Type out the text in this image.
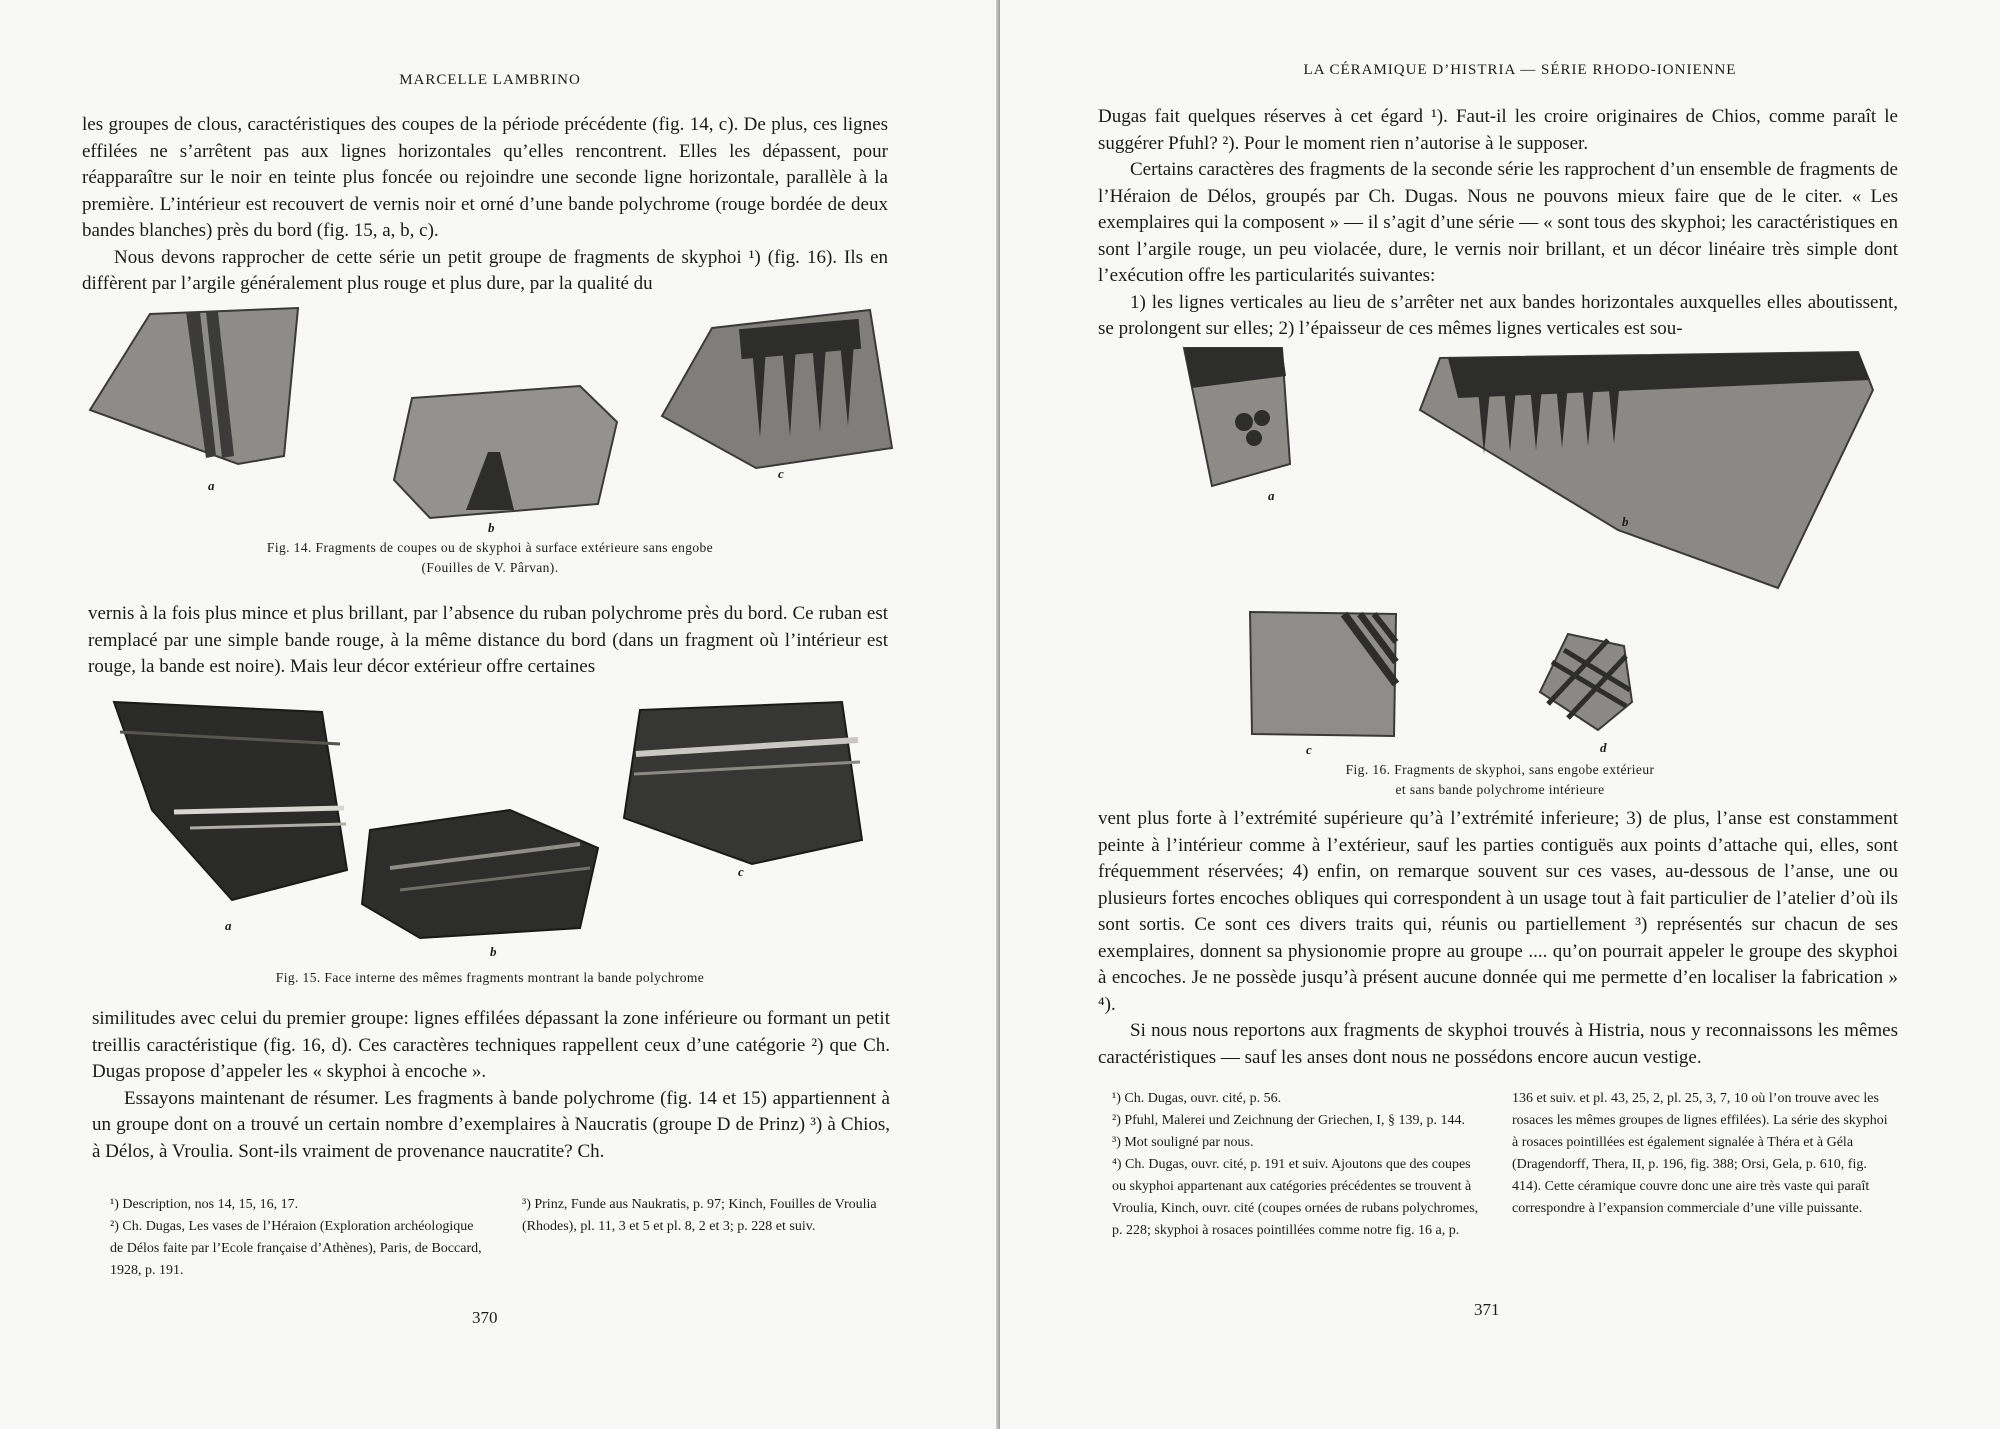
MARCELLE LAMBRINO

les groupes de clous, caractéristiques des coupes de la période précédente (fig. 14, c). De plus, ces lignes effilées ne s’arrêtent pas aux lignes horizontales qu’elles rencontrent. Elles les dépassent, pour réapparaître sur le noir en teinte plus foncée ou rejoindre une seconde ligne horizontale, parallèle à la première. L’intérieur est recouvert de vernis noir et orné d’une bande polychrome (rouge bordée de deux bandes blanches) près du bord (fig. 15, a, b, c).

Nous devons rapprocher de cette série un petit groupe de fragments de skyphoi ¹) (fig. 16). Ils en diffèrent par l’argile généralement plus rouge et plus dure, par la qualité du

a
b
c
Fig. 14. Fragments de coupes ou de skyphoi à surface extérieure sans engobe
(Fouilles de V. Pârvan).

vernis à la fois plus mince et plus brillant, par l’absence du ruban polychrome près du bord. Ce ruban est remplacé par une simple bande rouge, à la même distance du bord (dans un fragment où l’intérieur est rouge, la bande est noire). Mais leur décor extérieur offre certaines

a
b
c
Fig. 15. Face interne des mêmes fragments montrant la bande polychrome

similitudes avec celui du premier groupe: lignes effilées dépassant la zone inférieure ou formant un petit treillis caractéristique (fig. 16, d). Ces caractères techniques rappellent ceux d’une catégorie ²) que Ch. Dugas propose d’appeler les « skyphoi à encoche ».

Essayons maintenant de résumer. Les fragments à bande polychrome (fig. 14 et 15) appartiennent à un groupe dont on a trouvé un certain nombre d’exemplaires à Naucratis (groupe D de Prinz) ³) à Chios, à Délos, à Vroulia. Sont-ils vraiment de provenance naucratite? Ch.

¹) Description, nos 14, 15, 16, 17.

²) Ch. Dugas, Les vases de l’Héraion (Exploration archéologique de Délos faite par l’Ecole française d’Athènes), Paris, de Boccard, 1928, p. 191.

³) Prinz, Funde aus Naukratis, p. 97; Kinch, Fouilles de Vroulia (Rhodes), pl. 11, 3 et 5 et pl. 8, 2 et 3; p. 228 et suiv.

370
LA CÉRAMIQUE D’HISTRIA — SÉRIE RHODO-IONIENNE

Dugas fait quelques réserves à cet égard ¹). Faut-il les croire originaires de Chios, comme paraît le suggérer Pfuhl? ²). Pour le moment rien n’autorise à le supposer.

Certains caractères des fragments de la seconde série les rapprochent d’un ensemble de fragments de l’Héraion de Délos, groupés par Ch. Dugas. Nous ne pouvons mieux faire que de le citer. « Les exemplaires qui la composent » — il s’agit d’une série — « sont tous des skyphoi; les caractéristiques en sont l’argile rouge, un peu violacée, dure, le vernis noir brillant, et un décor linéaire très simple dont l’exécution offre les particularités suivantes:

1) les lignes verticales au lieu de s’arrêter net aux bandes horizontales auxquelles elles aboutissent, se prolongent sur elles; 2) l’épaisseur de ces mêmes lignes verticales est sou-

a
b
c	d
Fig. 16. Fragments de skyphoi, sans engobe extérieur
et sans bande polychrome intérieure

vent plus forte à l’extrémité supérieure qu’à l’extrémité inferieure; 3) de plus, l’anse est constamment peinte à l’intérieur comme à l’extérieur, sauf les parties contiguës aux points d’attache qui, elles, sont fréquemment réservées; 4) enfin, on remarque souvent sur ces vases, au-dessous de l’anse, une ou plusieurs fortes encoches obliques qui correspondent à un usage tout à fait particulier de l’atelier d’où ils sont sortis. Ce sont ces divers traits qui, réunis ou partiellement ³) représentés sur chacun de ses exemplaires, donnent sa physionomie propre au groupe .... qu’on pourrait appeler le groupe des skyphoi à encoches. Je ne possède jusqu’à présent aucune donnée qui me permette d’en localiser la fabrication » ⁴).

Si nous nous reportons aux fragments de skyphoi trouvés à Histria, nous y reconnaissons les mêmes caractéristiques — sauf les anses dont nous ne possédons encore aucun vestige.

¹) Ch. Dugas, ouvr. cité, p. 56.

²) Pfuhl, Malerei und Zeichnung der Griechen, I, § 139, p. 144.

³) Mot souligné par nous.

⁴) Ch. Dugas, ouvr. cité, p. 191 et suiv. Ajoutons que des coupes ou skyphoi appartenant aux catégories précédentes se trouvent à Vroulia, Kinch, ouvr. cité (coupes ornées de rubans polychromes, p. 228; skyphoi à rosaces pointillées comme notre fig. 16 a, p.

136 et suiv. et pl. 43, 25, 2, pl. 25, 3, 7, 10 où l’on trouve avec les rosaces les mêmes groupes de lignes effilées). La série des skyphoi à rosaces pointillées est également signalée à Théra et à Géla (Dragendorff, Thera, II, p. 196, fig. 388; Orsi, Gela, p. 610, fig. 414). Cette céramique couvre donc une aire très vaste qui paraît correspondre à l’expansion commerciale d’une ville puissante.

371
